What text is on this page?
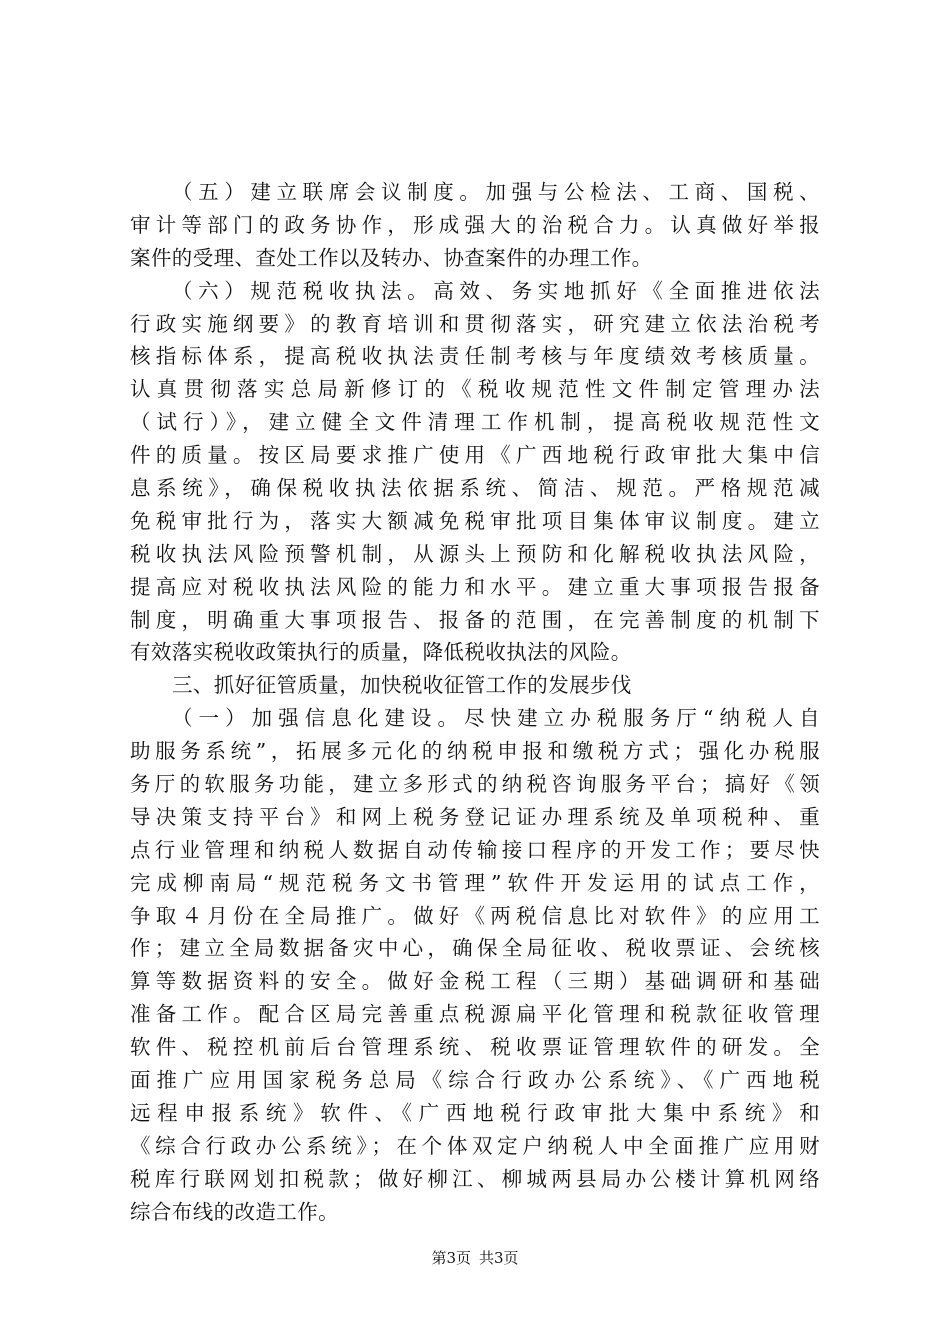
（五）建立联席会议制度。加强与公检法、工商、国税、
审计等部门的政务协作，形成强大的治税合力。认真做好举报
案件的受理、查处工作以及转办、协查案件的办理工作。
（六）规范税收执法。高效、务实地抓好《全面推进依法
行政实施纲要》的教育培训和贯彻落实，研究建立依法治税考
核指标体系，提高税收执法责任制考核与年度绩效考核质量。
认真贯彻落实总局新修订的《税收规范性文件制定管理办法
（试行）》，建立健全文件清理工作机制，提高税收规范性文
件的质量。按区局要求推广使用《广西地税行政审批大集中信
息系统》，确保税收执法依据系统、简洁、规范。严格规范减
免税审批行为，落实大额减免税审批项目集体审议制度。建立
税收执法风险预警机制，从源头上预防和化解税收执法风险，
提高应对税收执法风险的能力和水平。建立重大事项报告报备
制度，明确重大事项报告、报备的范围，在完善制度的机制下
有效落实税收政策执行的质量，降低税收执法的风险。
三、抓好征管质量，加快税收征管工作的发展步伐
（一）加强信息化建设。尽快建立办税服务厅“纳税人自
助服务系统”，拓展多元化的纳税申报和缴税方式；强化办税服
务厅的软服务功能，建立多形式的纳税咨询服务平台；搞好《领
导决策支持平台》和网上税务登记证办理系统及单项税种、重
点行业管理和纳税人数据自动传输接口程序的开发工作；要尽快
完成柳南局“规范税务文书管理”软件开发运用的试点工作，
争取４月份在全局推广。做好《两税信息比对软件》的应用工
作；建立全局数据备灾中心，确保全局征收、税收票证、会统核
算等数据资料的安全。做好金税工程（三期）基础调研和基础
准备工作。配合区局完善重点税源扁平化管理和税款征收管理
软件、税控机前后台管理系统、税收票证管理软件的研发。全
面推广应用国家税务总局《综合行政办公系统》、《广西地税
远程申报系统》软件、《广西地税行政审批大集中系统》和
《综合行政办公系统》；在个体双定户纳税人中全面推广应用财
税库行联网划扣税款；做好柳江、柳城两县局办公楼计算机网络
综合布线的改造工作。
第3页 共3页
